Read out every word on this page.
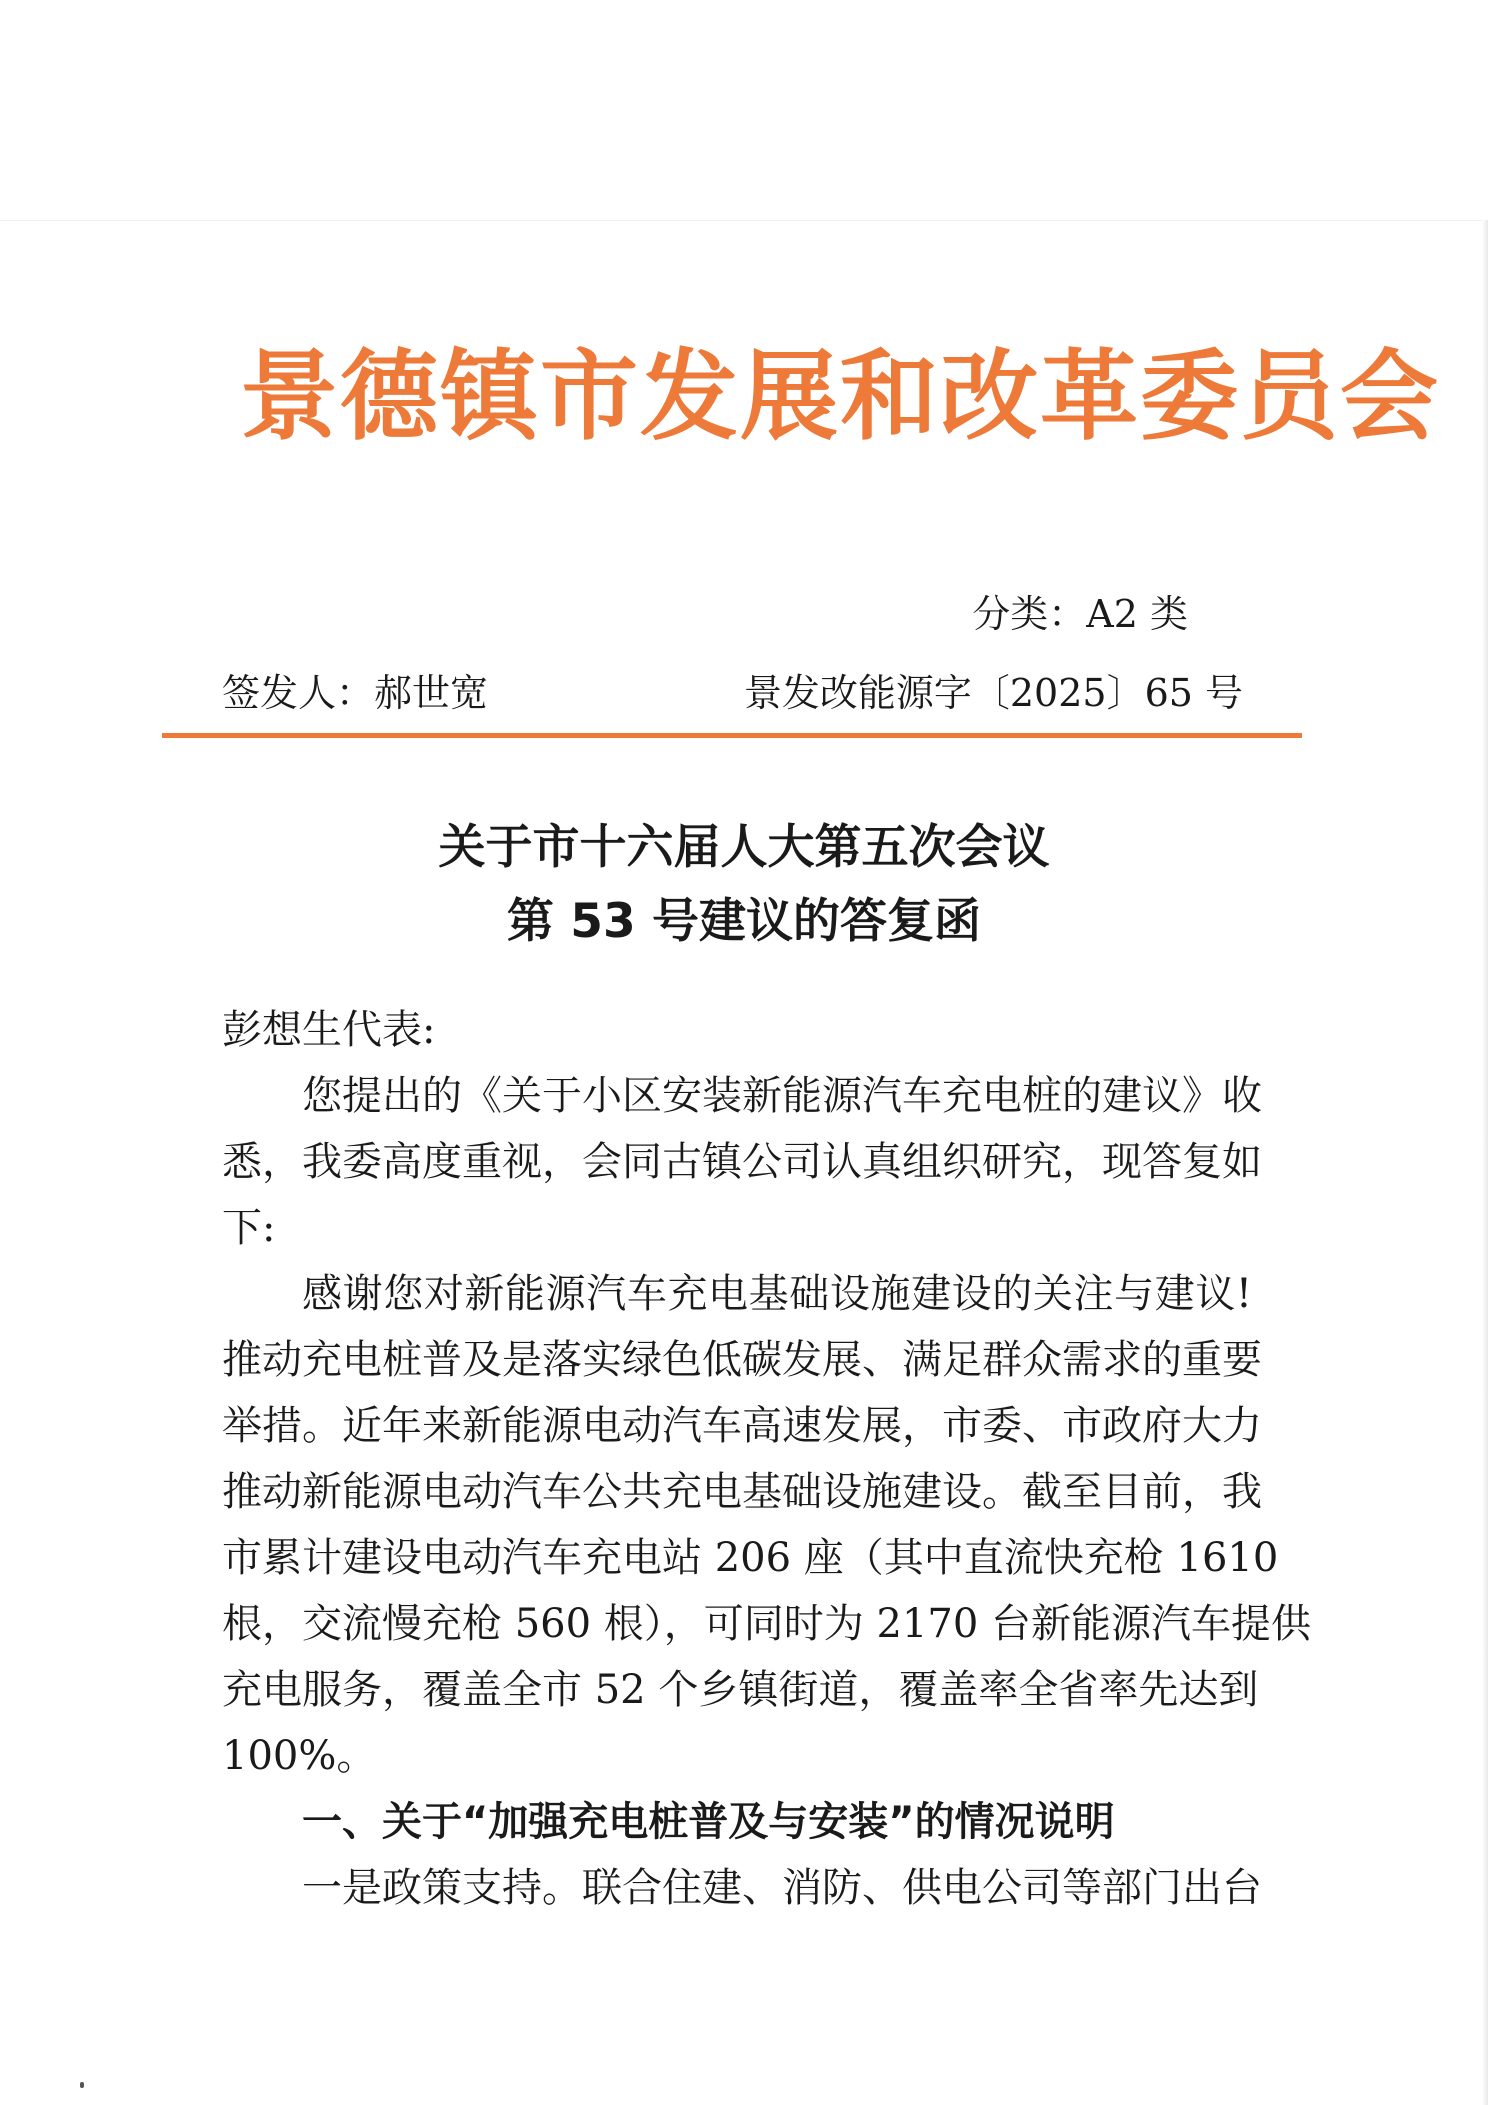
景德镇市发展和改革委员会
分类：A2 类
签发人：郝世宽	景发改能源字〔2025〕65 号
关于市十六届人大第五次会议
第 53 号建议的答复函
彭想生代表:
您提出的《关于小区安装新能源汽车充电桩的建议》收
悉，我委高度重视，会同古镇公司认真组织研究，现答复如
下:
感谢您对新能源汽车充电基础设施建设的关注与建议!
推动充电桩普及是落实绿色低碳发展、满足群众需求的重要
举措。近年来新能源电动汽车高速发展，市委、市政府大力
推动新能源电动汽车公共充电基础设施建设。截至目前，我
市累计建设电动汽车充电站 206 座（其中直流快充枪 1610
根，交流慢充枪 560 根），可同时为 2170 台新能源汽车提供
充电服务，覆盖全市 52 个乡镇街道，覆盖率全省率先达到
100%。
一、关于“加强充电桩普及与安装”的情况说明
一是政策支持。联合住建、消防、供电公司等部门出台
